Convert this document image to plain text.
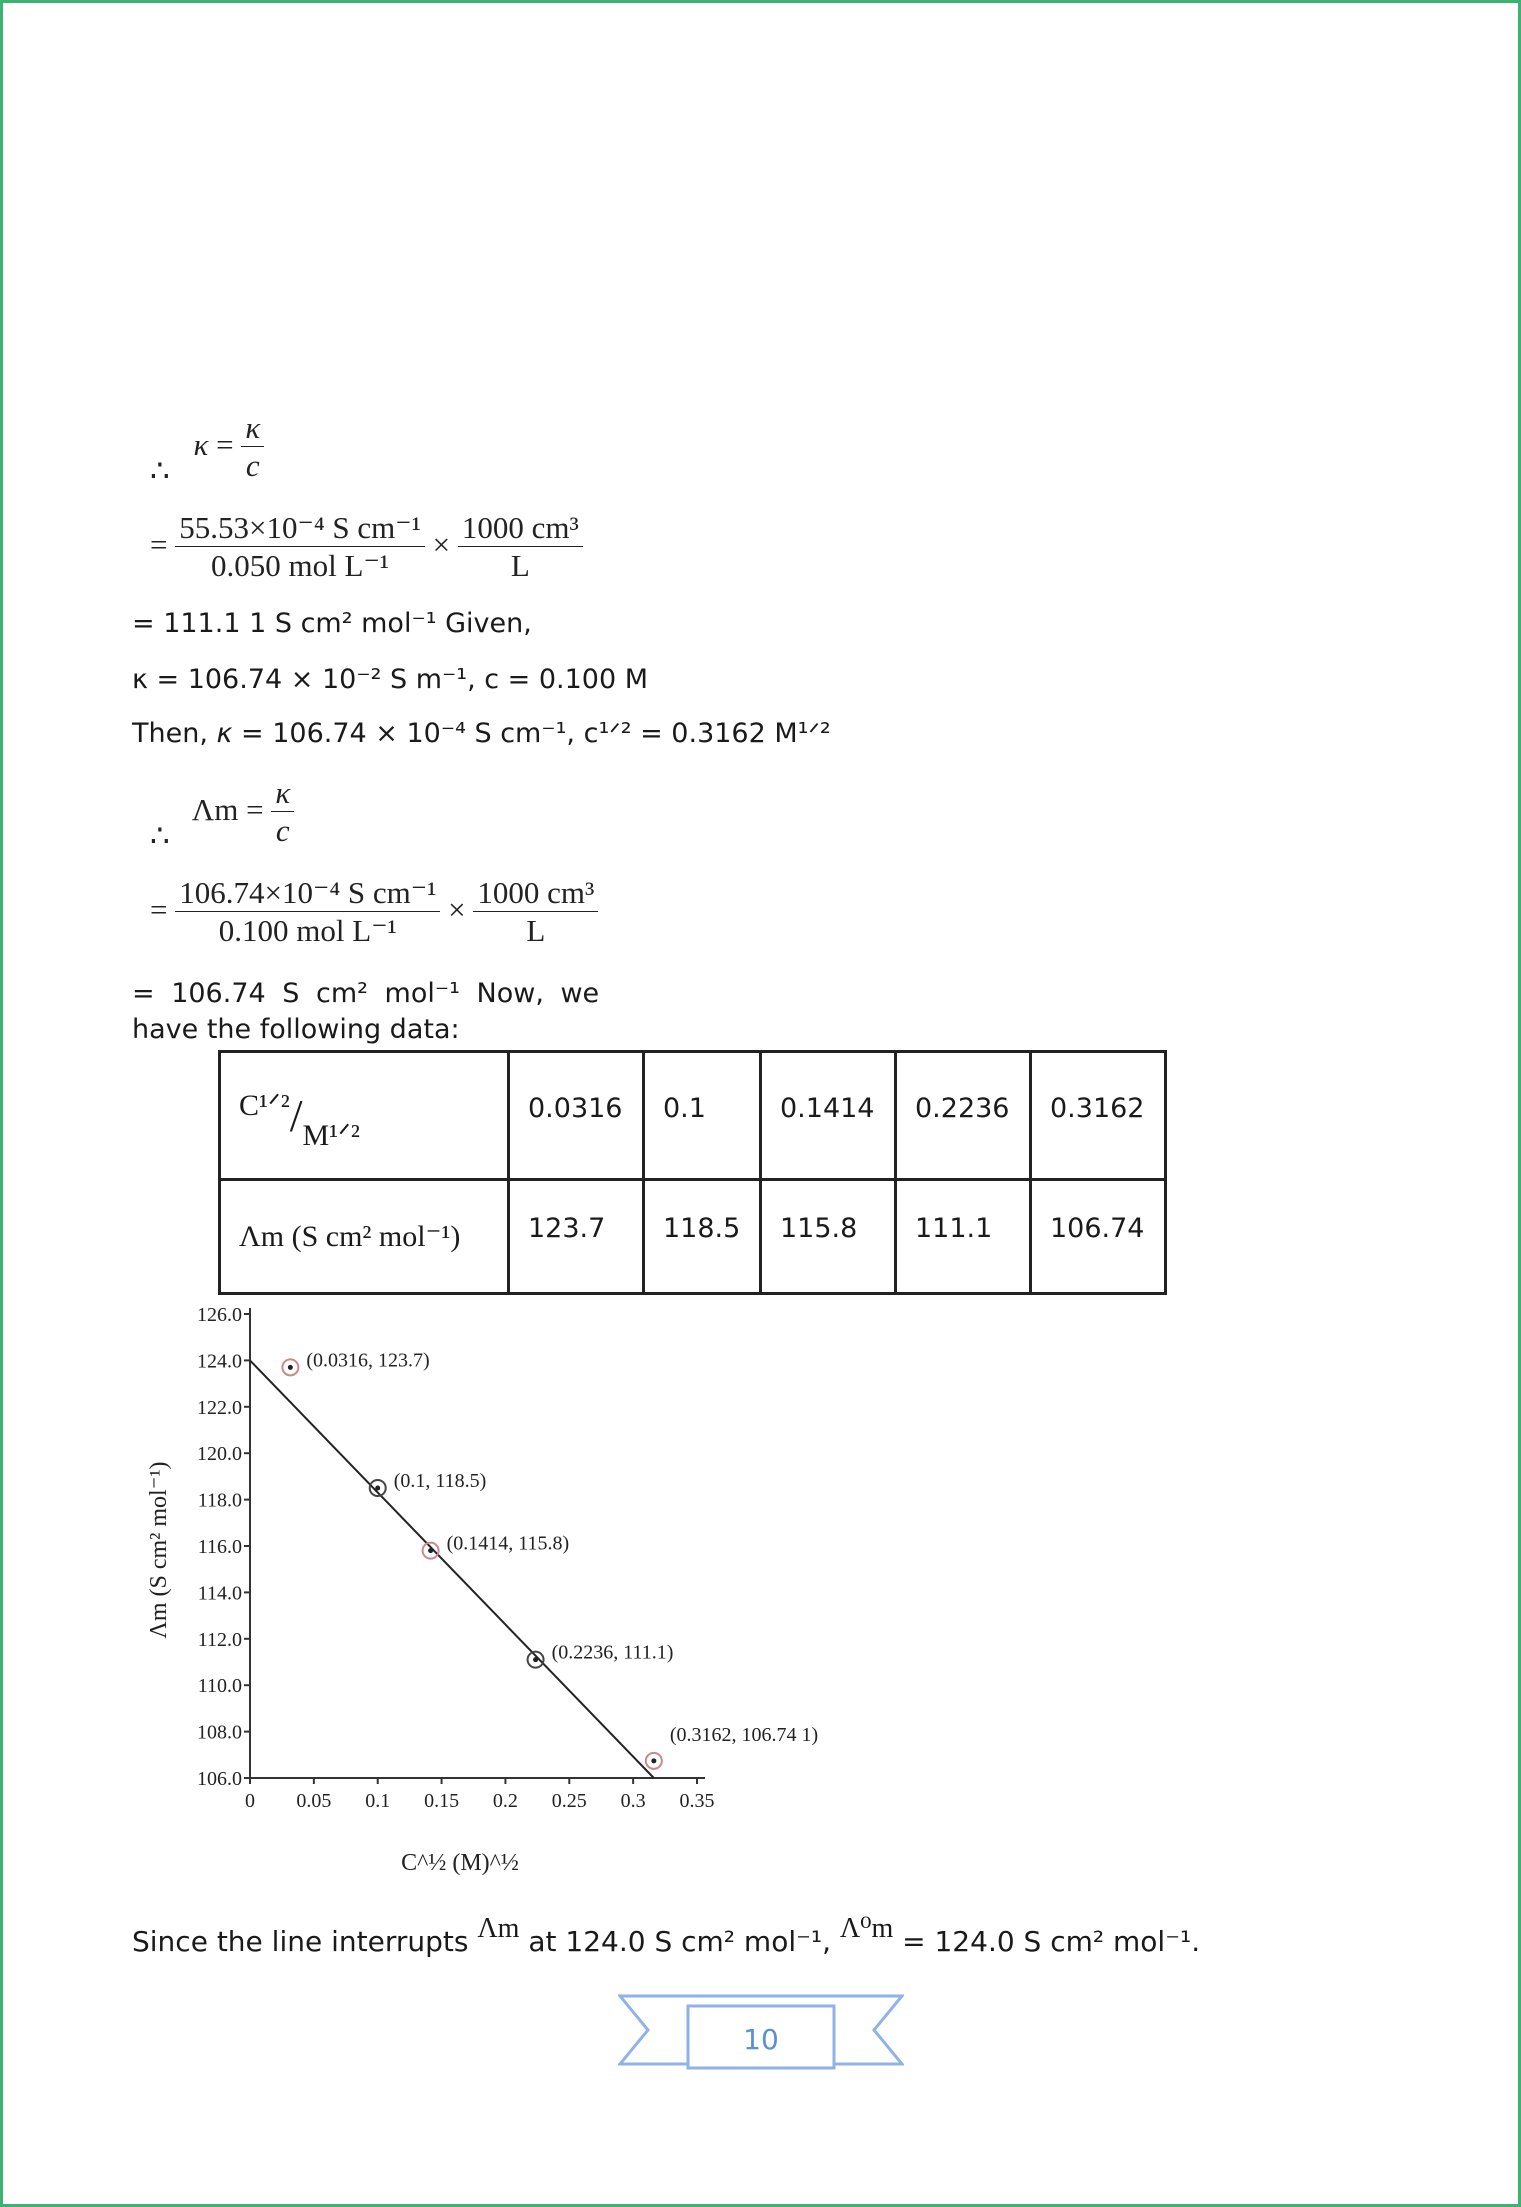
∴ $\kappa = \frac{\kappa}{c}$
= $\frac{\text{55.53×10⁻⁴ S cm⁻¹}}{\text{0.050 mol L⁻¹}} \times \frac{\text{1000 cm³}}{L}$
= 111.1 1 S cm² mol⁻¹ Given,
κ = 106.74 × 10⁻² S m⁻¹, c = 0.100 M
Then, κ = 106.74 × 10⁻⁴ S cm⁻¹, c¹ᐟ² = 0.3162 M¹ᐟ²
∴ $\Lambda m = \frac{\kappa}{c}$
= $\frac{\text{106.74×10⁻⁴ S cm⁻¹}}{\text{0.100 mol L⁻¹}} \times \frac{\text{1000 cm³}}{L}$
= 106.74 S cm² mol⁻¹ Now, we
have the following data:
C¹ᐟ²/M¹ᐟ²	0.0316	0.1	0.1414	0.2236	0.3162
Λm (S cm² mol⁻¹)	123.7	118.5	115.8	111.1	106.74
106.0
108.0
110.0
112.0
114.0
116.0
118.0
120.0
122.0
124.0
126.0
0 0.05 0.1 0.15 0.2 0.25 0.3 0.35
(0.0316, 123.7)
(0.1, 118.5)
(0.1414, 115.8)
(0.2236, 111.1)
(0.3162, 106.74 1)
C^½ (M)^½
Λm (S cm² mol⁻¹)
Since the line interrupts Λm at 124.0 S cm² mol⁻¹, Λ⁰m = 124.0 S cm² mol⁻¹.
10
